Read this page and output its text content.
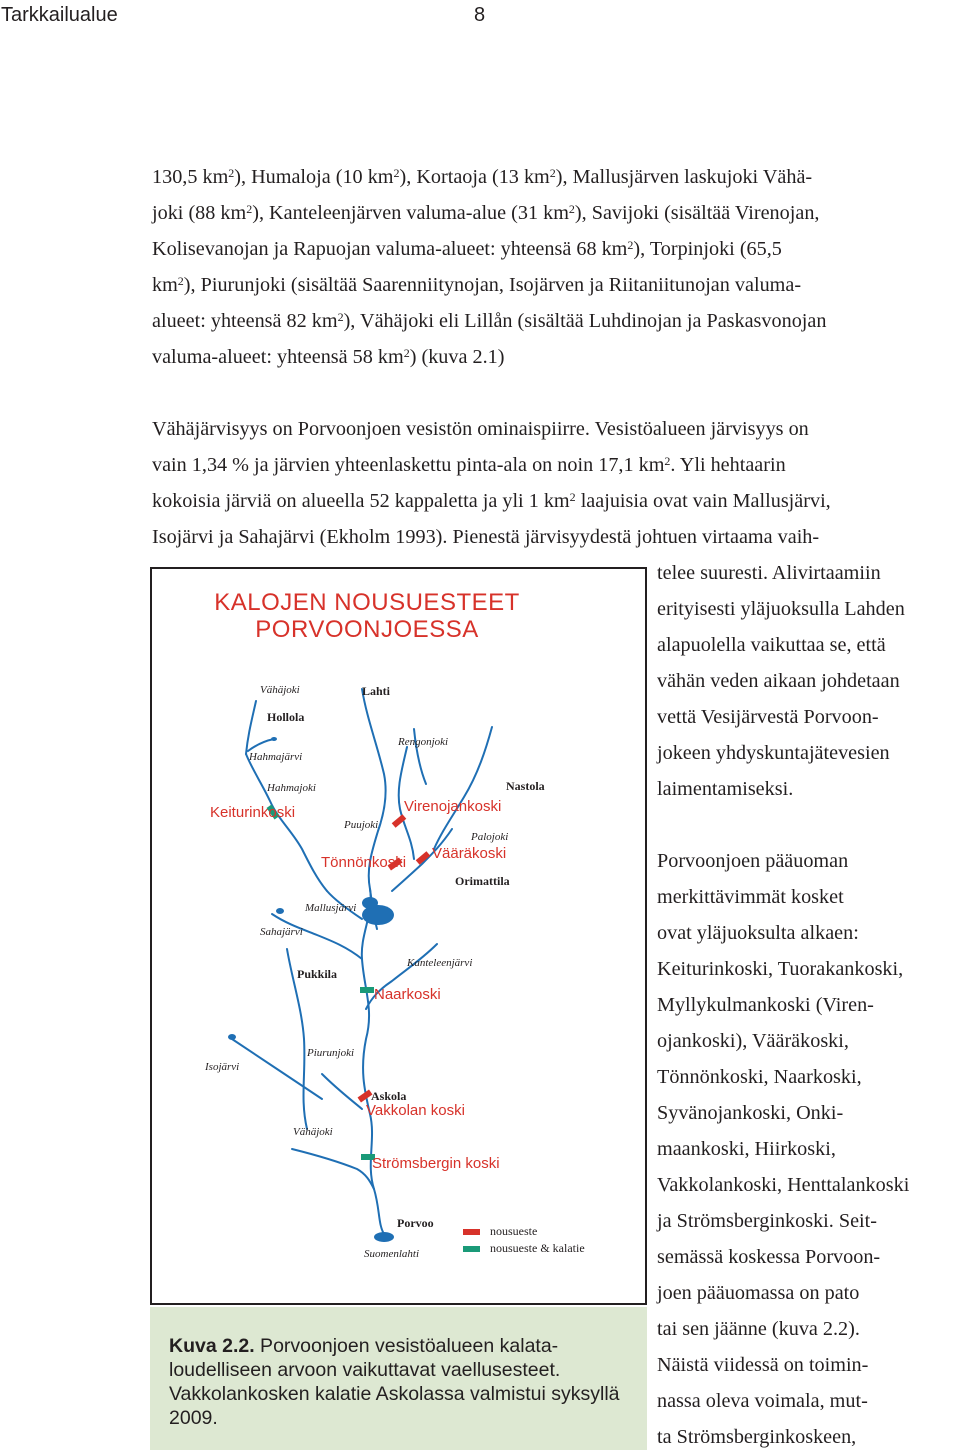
Tarkkailualue	8
130,5 $km^2$), Humaloja (10 $km^2$), Kortaoja (13 $km^2$), Mallusjärven laskujoki Vähä-
joki (88 $km^2$), Kanteleenjärven valuma-alue (31 $km^2$), Savijoki (sisältää Virenojan,
Kolisevanojan ja Rapuojan valuma-alueet: yhteensä 68 $km^2$), Torpinjoki (65,5
$km^2$), Piurunjoki (sisältää Saarenniitynojan, Isojärven ja Riitaniitunojan valuma-
alueet: yhteensä 82 $km^2$), Vähäjoki eli Lillån (sisältää Luhdinojan ja Paskasvonojan
valuma-alueet: yhteensä 58 $km^2$) (kuva 2.1)
Vähäjärvisyys on Porvoonjoen vesistön ominaispiirre. Vesistöalueen järvisyys on
vain 1,34 % ja järvien yhteenlaskettu pinta-ala on noin 17,1 $km^2$. Yli hehtaarin
kokoisia järviä on alueella 52 kappaletta ja yli 1 $km^2$ laajuisia ovat vain Mallusjärvi,
Isojärvi ja Sahajärvi (Ekholm 1993). Pienestä järvisyydestä johtuen virtaama vaih-
telee suuresti. Alivirtaamiin
erityisesti yläjuoksulla Lahden
alapuolella vaikuttaa se, että
vähän veden aikaan johdetaan
vettä Vesijärvestä Porvoon-
jokeen yhdyskuntajätevesien
laimentamiseksi.
Porvoonjoen pääuoman
merkittävimmät kosket
ovat yläjuoksulta alkaen:
Keiturinkoski, Tuorakankoski,
Myllykulmankoski (Viren-
ojankoski), Vääräkoski,
Tönnönkoski, Naarkoski,
Syvänojankoski, Onki-
maankoski, Hiirkoski,
Vakkolankoski, Henttalankoski
ja Strömsberginkoski. Seit-
semässä koskessa Porvoon-
joen pääuomassa on pato
tai sen jäänne (kuva 2.2).
Näistä viidessä on toimin-
nassa oleva voimala, mut-
ta Strömsberginkoskeen,
KALOJEN NOUSUESTEET
PORVOONJOESSA
Vähäjoki	Lahti
Hollola
Rengonjoki
Hahmajärvi
Nastola
Hahmajoki
Keiturinkoski	Virenojankoski
Puujoki
Palojoki
Vääräkoski
Tönnönkoski
Orimattila
Mallusjärvi
Sahajärvi
Kanteleenjärvi
Pukkila
Naarkoski
Piurunjoki
Isojärvi
Askola
Vakkolan koski
Vähäjoki
Strömsbergin koski
Porvoo
Suomenlahti
nousueste
nousueste & kalatie
Kuva 2.2. Porvoonjoen vesistöalueen kalata-loudelliseen arvoon vaikuttavat vaellusesteet. Vakkolankosken kalatie Askolassa valmistui syksyllä 2009.
